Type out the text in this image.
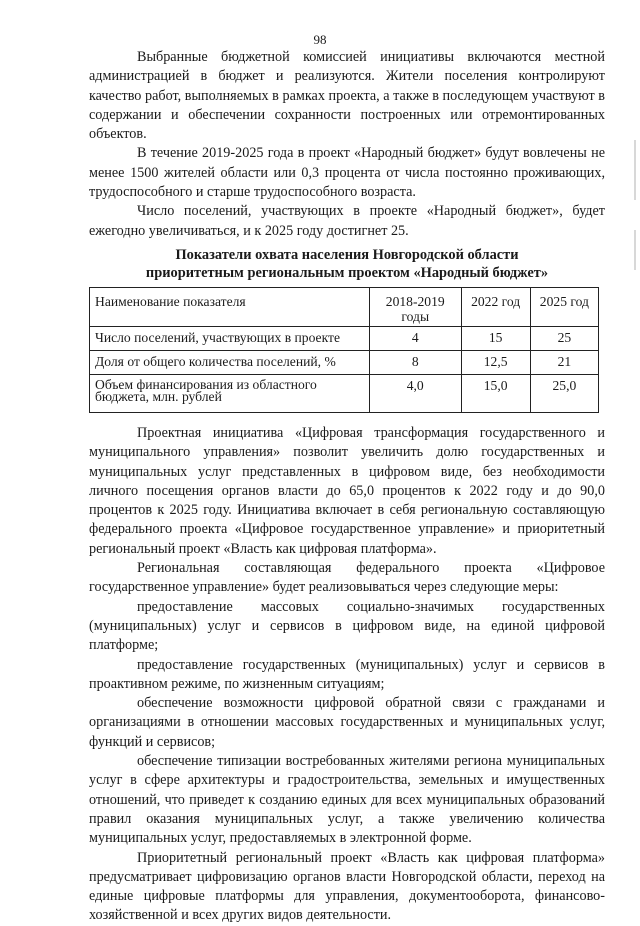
98

Выбранные бюджетной комиссией инициативы включаются местной администрацией в бюджет и реализуются. Жители поселения контролируют качество работ, выполняемых в рамках проекта, а также в последующем участвуют в содержании и обеспечении сохранности построенных или отремонтированных объектов.

В течение 2019-2025 года в проект «Народный бюджет» будут вовлечены не менее 1500 жителей области или 0,3 процента от числа постоянно проживающих, трудоспособного и старше трудоспособного возраста.

Число поселений, участвующих в проекте «Народный бюджет», будет ежегодно увеличиваться, и к 2025 году достигнет 25.

Показатели охвата населения Новгородской области
приоритетным региональным проектом «Народный бюджет»
Наименование показателя	2018-2019 годы	2022 год	2025 год
Число поселений, участвующих в проекте	4	15	25
Доля от общего количества поселений, %	8	12,5	21
Объем финансирования из областного бюджета, млн. рублей	4,0	15,0	25,0

Проектная инициатива «Цифровая трансформация государственного и муниципального управления» позволит увеличить долю государственных и муниципальных услуг представленных в цифровом виде, без необходимости личного посещения органов власти до 65,0 процентов к 2022 году и до 90,0 процентов к 2025 году. Инициатива включает в себя региональную составляющую федерального проекта «Цифровое государственное управление» и приоритетный региональный проект «Власть как цифровая платформа».

Региональная составляющая федерального проекта «Цифровое государственное управление» будет реализовываться через следующие меры:

предоставление массовых социально-значимых государственных (муниципальных) услуг и сервисов в цифровом виде, на единой цифровой платформе;

предоставление государственных (муниципальных) услуг и сервисов в проактивном режиме, по жизненным ситуациям;

обеспечение возможности цифровой обратной связи с гражданами и организациями в отношении массовых государственных и муниципальных услуг, функций и сервисов;

обеспечение типизации востребованных жителями региона муниципальных услуг в сфере архитектуры и градостроительства, земельных и имущественных отношений, что приведет к созданию единых для всех муниципальных образований правил оказания муниципальных услуг, а также увеличению количества муниципальных услуг, предоставляемых в электронной форме.

Приоритетный региональный проект «Власть как цифровая платформа» предусматривает цифровизацию органов власти Новгородской области, переход на единые цифровые платформы для управления, документооборота, финансово-хозяйственной и всех других видов деятельности.
